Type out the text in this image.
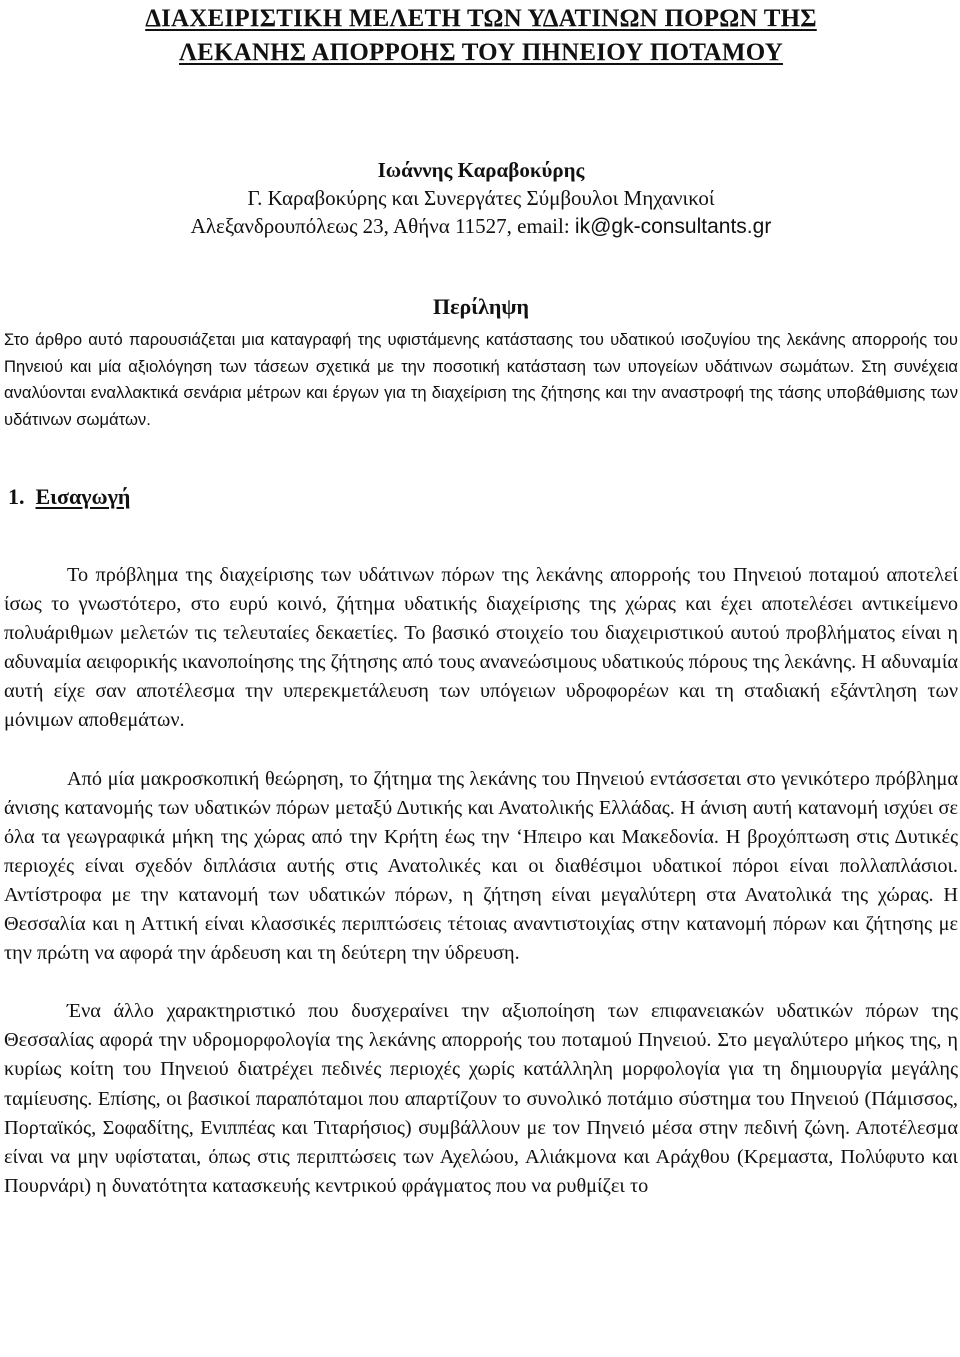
ΔΙΑΧΕΙΡΙΣΤΙΚΗ ΜΕΛΕΤΗ ΤΩΝ ΥΔΑΤΙΝΩΝ ΠΟΡΩΝ ΤΗΣ
ΛΕΚΑΝΗΣ ΑΠΟΡΡΟΗΣ ΤΟΥ ΠΗΝΕΙΟΥ ΠΟΤΑΜΟΥ
Ιωάννης Καραβοκύρης
Γ. Καραβοκύρης και Συνεργάτες Σύμβουλοι Μηχανικοί
Αλεξανδρουπόλεως 23, Αθήνα 11527, email: ik@gk-consultants.gr
Περίληψη

Στο άρθρο αυτό παρουσιάζεται μια καταγραφή της υφιστάμενης κατάστασης του υδατικού ισοζυγίου της λεκάνης απορροής του Πηνειού και μία αξιολόγηση των τάσεων σχετικά με την ποσοτική κατάσταση των υπογείων υδάτινων σωμάτων. Στη συνέχεια αναλύονται εναλλακτικά σενάρια μέτρων και έργων για τη διαχείριση της ζήτησης και την αναστροφή της τάσης υποβάθμισης των υδάτινων σωμάτων.

1. Εισαγωγή

Το πρόβλημα της διαχείρισης των υδάτινων πόρων της λεκάνης απορροής του Πηνειού ποταμού αποτελεί ίσως το γνωστότερο, στο ευρύ κοινό, ζήτημα υδατικής διαχείρισης της χώρας και έχει αποτελέσει αντικείμενο πολυάριθμων μελετών τις τελευταίες δεκαετίες. Το βασικό στοιχείο του διαχειριστικού αυτού προβλήματος είναι η αδυναμία αειφορικής ικανοποίησης της ζήτησης από τους ανανεώσιμους υδατικούς πόρους της λεκάνης. Η αδυναμία αυτή είχε σαν αποτέλεσμα την υπερεκμετάλευση των υπόγειων υδροφορέων και τη σταδιακή εξάντληση των μόνιμων αποθεμάτων.

Από μία μακροσκοπική θεώρηση, το ζήτημα της λεκάνης του Πηνειού εντάσσεται στο γενικότερο πρόβλημα άνισης κατανομής των υδατικών πόρων μεταξύ Δυτικής και Ανατολικής Ελλάδας. Η άνιση αυτή κατανομή ισχύει σε όλα τα γεωγραφικά μήκη της χώρας από την Κρήτη έως την ‘Ηπειρο και Μακεδονία. Η βροχόπτωση στις Δυτικές περιοχές είναι σχεδόν διπλάσια αυτής στις Ανατολικές και οι διαθέσιμοι υδατικοί πόροι είναι πολλαπλάσιοι. Αντίστροφα με την κατανομή των υδατικών πόρων, η ζήτηση είναι μεγαλύτερη στα Ανατολικά της χώρας. Η Θεσσαλία και η Αττική είναι κλασσικές περιπτώσεις τέτοιας αναντιστοιχίας στην κατανομή πόρων και ζήτησης με την πρώτη να αφορά την άρδευση και τη δεύτερη την ύδρευση.

Ένα άλλο χαρακτηριστικό που δυσχεραίνει την αξιοποίηση των επιφανειακών υδατικών πόρων της Θεσσαλίας αφορά την υδρομορφολογία της λεκάνης απορροής του ποταμού Πηνειού. Στο μεγαλύτερο μήκος της, η κυρίως κοίτη του Πηνειού διατρέχει πεδινές περιοχές χωρίς κατάλληλη μορφολογία για τη δημιουργία μεγάλης ταμίευσης. Επίσης, οι βασικοί παραπόταμοι που απαρτίζουν το συνολικό ποτάμιο σύστημα του Πηνειού (Πάμισσος, Πορταϊκός, Σοφαδίτης, Ενιππέας και Τιταρήσιος) συμβάλλουν με τον Πηνειό μέσα στην πεδινή ζώνη. Αποτέλεσμα είναι να μην υφίσταται, όπως στις περιπτώσεις των Αχελώου, Αλιάκμονα και Αράχθου (Κρεμαστα, Πολύφυτο και Πουρνάρι) η δυνατότητα κατασκευής κεντρικού φράγματος που να ρυθμίζει το
